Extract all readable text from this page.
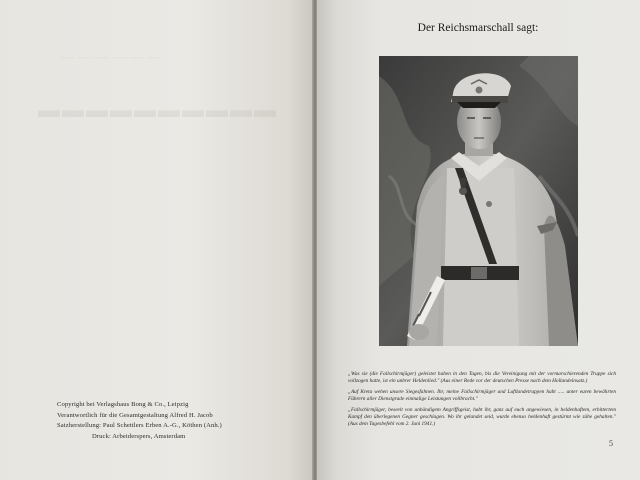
— — — — — —
▬▬▬▬▬▬▬▬▬▬
Copyright bei Verlagshaus Bong & Co., Leipzig
Verantwortlich für die Gesamtgestaltung Alfred H. Jacob
Satzherstellung: Paul Schettlers Erben A.-G., Köthen (Anh.)
Druck: Arbeiderspers, Amsterdam
Der Reichsmarschall sagt:

„Was sie (die Fallschirmjäger) geleistet haben in den Tagen, bis die Vereinigung mit der vormarschierenden Truppe sich vollzogen hatte, ist ein unbrer Heldenlied." (Aus einer Rede vor der deutschen Presse nach dem Hollandeinsatz.)

„Auf Kreta wehen unsere Siegesfahnen. Ihr, meine Fallschirmjäger und Luftlandetruppen habt ..... unter euren bewährten Führern aller Dienstgrade einmalige Leistungen vollbracht."

„Fallschirmjäger, beseelt von unbändigem Angriffsgeist, habt ihr, ganz auf euch angewiesen, in heldenhaftem, erbittertem Kampf den überlegenen Gegner geschlagen. Wo ihr gelandet seid, wurde ebenso heldenhaft gestürmt wie zähe gehalten." (Aus dem Tagesbefehl vom 2. Juni 1941.)

5
